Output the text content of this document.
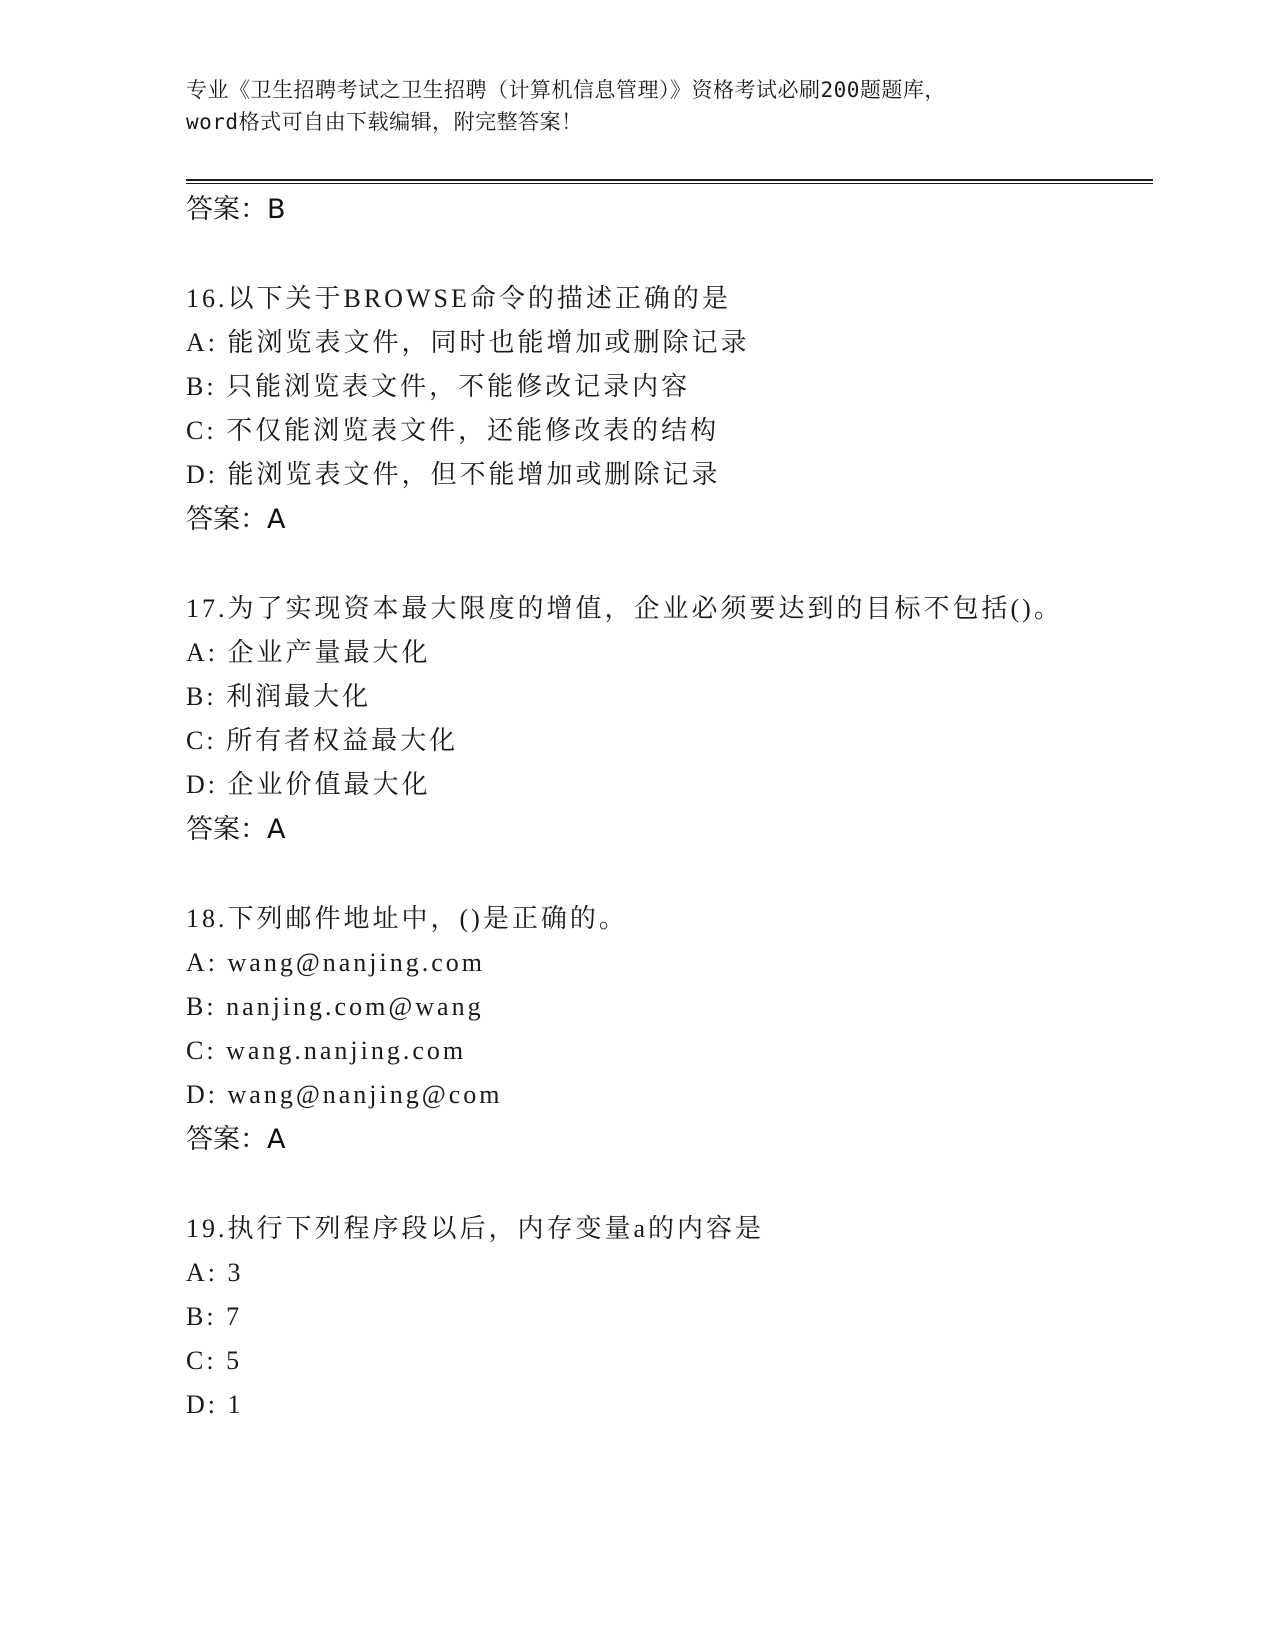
专业《卫生招聘考试之卫生招聘（计算机信息管理）》资格考试必刷200题题库，
word格式可自由下载编辑，附完整答案！
答案：B
16.以下关于BROWSE命令的描述正确的是
A: 能浏览表文件，同时也能增加或删除记录
B: 只能浏览表文件，不能修改记录内容
C: 不仅能浏览表文件，还能修改表的结构
D: 能浏览表文件，但不能增加或删除记录
答案：A
17.为了实现资本最大限度的增值，企业必须要达到的目标不包括()。
A: 企业产量最大化
B: 利润最大化
C: 所有者权益最大化
D: 企业价值最大化
答案：A
18.下列邮件地址中，()是正确的。
A: wang@nanjing.com
B: nanjing.com@wang
C: wang.nanjing.com
D: wang@nanjing@com
答案：A
19.执行下列程序段以后，内存变量a的内容是
A: 3
B: 7
C: 5
D: 1
